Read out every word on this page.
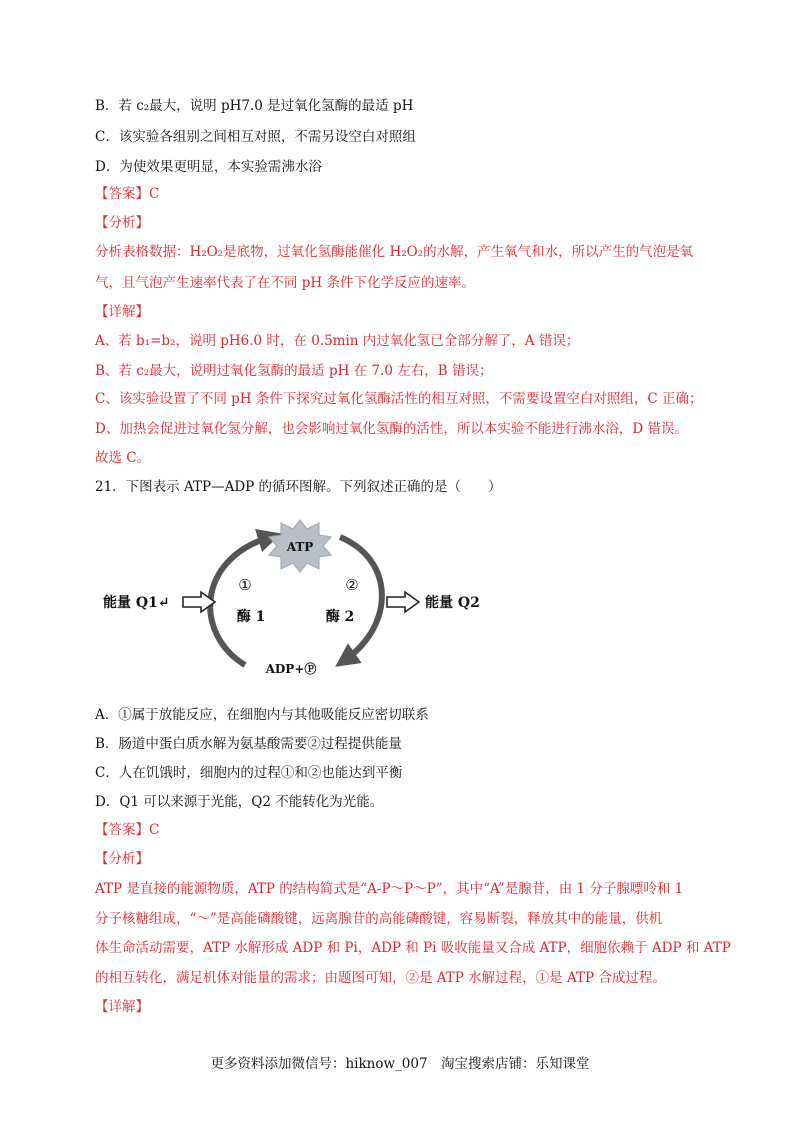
B．若 c₂最大，说明 pH7.0 是过氧化氢酶的最适 pH
C．该实验各组别之间相互对照，不需另设空白对照组
D．为使效果更明显，本实验需沸水浴
【答案】C
【分析】
分析表格数据：H₂O₂是底物，过氧化氢酶能催化 H₂O₂的水解，产生氧气和水，所以产生的气泡是氧
气，且气泡产生速率代表了在不同 pH 条件下化学反应的速率。
【详解】
A、若 b₁=b₂，说明 pH6.0 时，在 0.5min 内过氧化氢已全部分解了，A 错误；
B、若 c₂最大，说明过氧化氢酶的最适 pH 在 7.0 左右，B 错误；
C、该实验设置了不同 pH 条件下探究过氧化氢酶活性的相互对照，不需要设置空白对照组，C 正确；
D、加热会促进过氧化氢分解，也会影响过氧化氢酶的活性，所以本实验不能进行沸水浴，D 错误。
故选 C。
21．下图表示 ATP—ADP 的循环图解。下列叙述正确的是（　　）
ATP
①	②
酶 1	酶 2
ADP+Ⓟ
能量 Q1↵	能量 Q2
A．①属于放能反应，在细胞内与其他吸能反应密切联系
B．肠道中蛋白质水解为氨基酸需要②过程提供能量
C．人在饥饿时，细胞内的过程①和②也能达到平衡
D．Q1 可以来源于光能，Q2 不能转化为光能。
【答案】C
【分析】
ATP 是直接的能源物质，ATP 的结构简式是“A-P～P～P”，其中“A”是腺苷，由 1 分子腺嘌呤和 1
分子核糖组成，“～”是高能磷酸键，远离腺苷的高能磷酸键，容易断裂，释放其中的能量，供机
体生命活动需要，ATP 水解形成 ADP 和 Pi，ADP 和 Pi 吸收能量又合成 ATP，细胞依赖于 ADP 和 ATP
的相互转化，满足机体对能量的需求；由题图可知，②是 ATP 水解过程，①是 ATP 合成过程。
【详解】
更多资料添加微信号：hiknow_007　淘宝搜索店铺：乐知课堂
